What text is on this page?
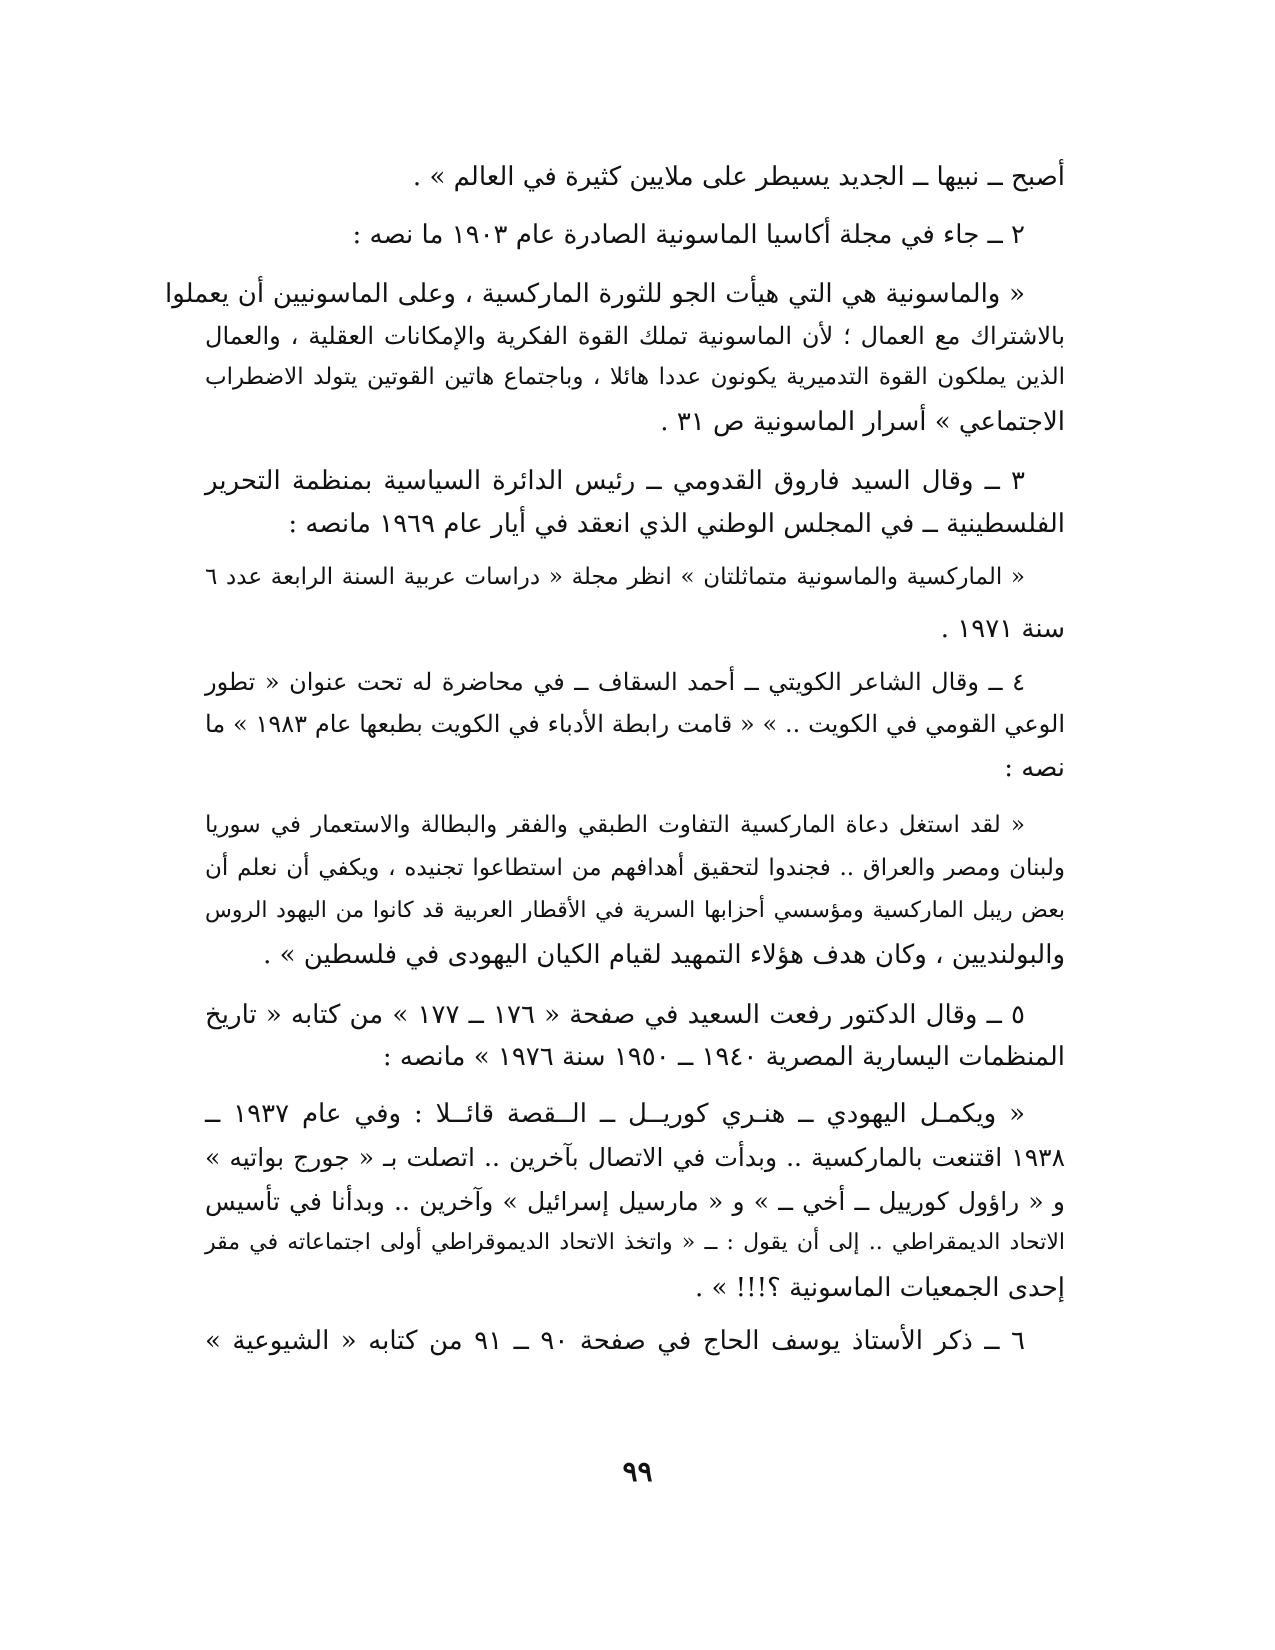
أصبح ــ نبيها ــ الجديد يسيطر على ملايين كثيرة في العالم » .
٢ ــ جاء في مجلة أكاسيا الماسونية الصادرة عام ١٩٠٣ ما نصه :
« والماسونية هي التي هيأت الجو للثورة الماركسية ، وعلى الماسونيين أن يعملوا
بالاشتراك مع العمال ؛ لأن الماسونية تملك القوة الفكرية والإمكانات العقلية ، والعمال
الذين يملكون القوة التدميرية يكونون عددا هائلا ، وباجتماع هاتين القوتين يتولد الاضطراب
الاجتماعي » أسرار الماسونية ص ٣١ .
٣ ــ وقال السيد فاروق القدومي ــ رئيس الدائرة السياسية بمنظمة التحرير
الفلسطينية ــ في المجلس الوطني الذي انعقد في أيار عام ١٩٦٩ مانصه :
« الماركسية والماسونية متماثلتان » انظر مجلة « دراسات عربية السنة الرابعة عدد ٦
سنة ١٩٧١ .
٤ ــ وقال الشاعر الكويتي ــ أحمد السقاف ــ في محاضرة له تحت عنوان « تطور
الوعي القومي في الكويت .. » « قامت رابطة الأدباء في الكويت بطبعها عام ١٩٨٣ » ما
نصه :
« لقد استغل دعاة الماركسية التفاوت الطبقي والفقر والبطالة والاستعمار في سوريا
ولبنان ومصر والعراق .. فجندوا لتحقيق أهدافهم من استطاعوا تجنيده ، ويكفي أن نعلم أن
بعض ريبل الماركسية ومؤسسي أحزابها السرية في الأقطار العربية قد كانوا من اليهود الروس
والبولنديين ، وكان هدف هؤلاء التمهيد لقيام الكيان اليهودى في فلسطين » .
٥ ــ وقال الدكتور رفعت السعيد في صفحة « ١٧٦ ــ ١٧٧ » من كتابه « تاريخ
المنظمات اليسارية المصرية ١٩٤٠ ــ ١٩٥٠ سنة ١٩٧٦ » مانصه :
« ويكمـل اليهودي ــ هنـري كوريــل ــ الــقصة قائــلا : وفي عام ١٩٣٧ ــ
١٩٣٨ اقتنعت بالماركسية .. وبدأت في الاتصال بآخرين .. اتصلت بـ « جورج بواتيه »
و « راؤول كورييل ــ أخي ــ » و « مارسيل إسرائيل » وآخرين .. وبدأنا في تأسيس
الاتحاد الديمقراطي .. إلى أن يقول : ــ « واتخذ الاتحاد الديموقراطي أولى اجتماعاته في مقر
إحدى الجمعيات الماسونية ؟!!! » .
٦ ــ ذكر الأستاذ يوسف الحاج في صفحة ٩٠ ــ ٩١ من كتابه « الشيوعية »
٩٩
